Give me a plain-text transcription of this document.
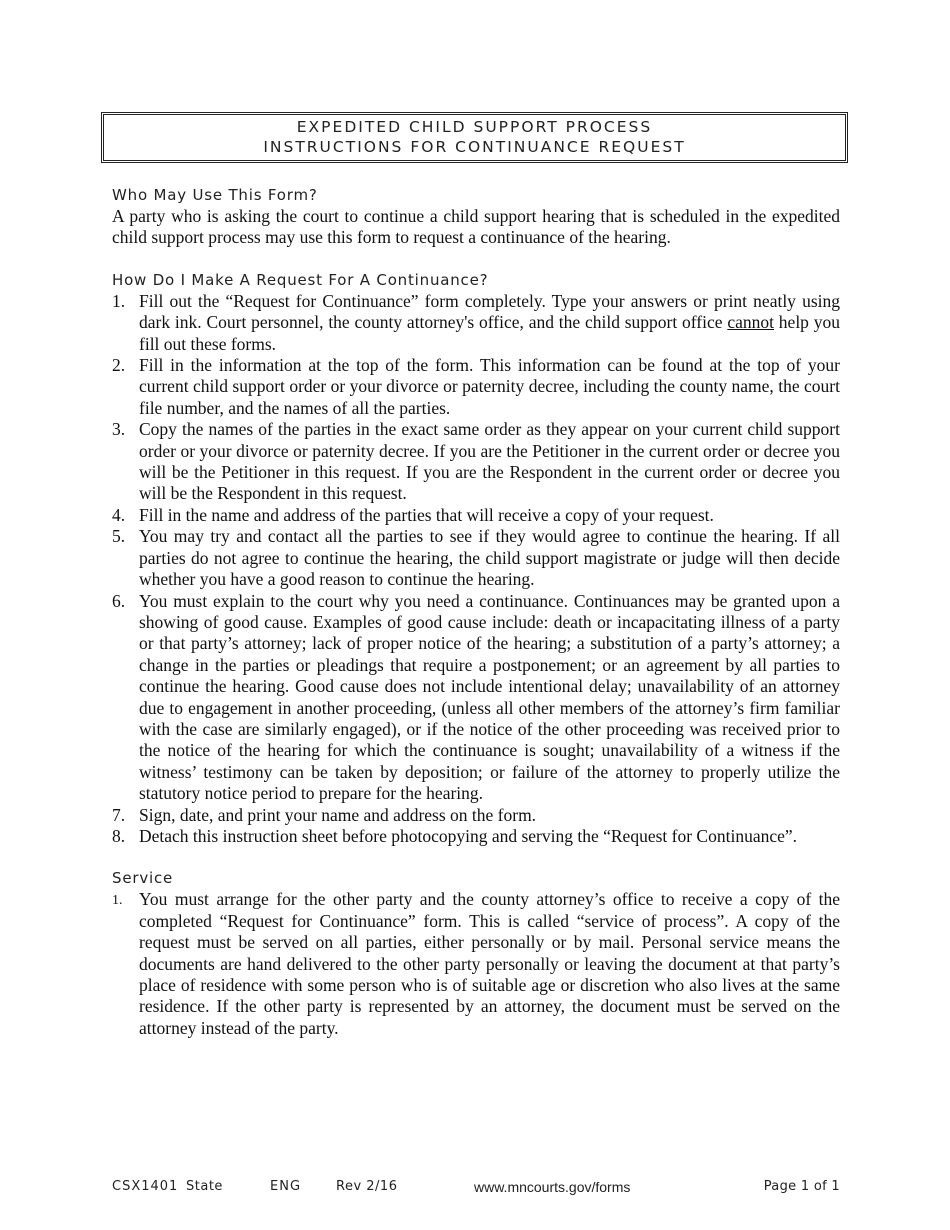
EXPEDITED CHILD SUPPORT PROCESS
INSTRUCTIONS FOR CONTINUANCE REQUEST
Who May Use This Form?
A party who is asking the court to continue a child support hearing that is scheduled in the expedited child support process may use this form to request a continuance of the hearing.
How Do I Make A Request For A Continuance?
1. Fill out the “Request for Continuance” form completely. Type your answers or print neatly using dark ink. Court personnel, the county attorney's office, and the child support office cannot help you fill out these forms.
2. Fill in the information at the top of the form. This information can be found at the top of your current child support order or your divorce or paternity decree, including the county name, the court file number, and the names of all the parties.
3. Copy the names of the parties in the exact same order as they appear on your current child support order or your divorce or paternity decree. If you are the Petitioner in the current order or decree you will be the Petitioner in this request. If you are the Respondent in the current order or decree you will be the Respondent in this request.
4. Fill in the name and address of the parties that will receive a copy of your request.
5. You may try and contact all the parties to see if they would agree to continue the hearing. If all parties do not agree to continue the hearing, the child support magistrate or judge will then decide whether you have a good reason to continue the hearing.
6. You must explain to the court why you need a continuance. Continuances may be granted upon a showing of good cause. Examples of good cause include: death or incapacitating illness of a party or that party’s attorney; lack of proper notice of the hearing; a substitution of a party’s attorney; a change in the parties or pleadings that require a postponement; or an agreement by all parties to continue the hearing. Good cause does not include intentional delay; unavailability of an attorney due to engagement in another proceeding, (unless all other members of the attorney’s firm familiar with the case are similarly engaged), or if the notice of the other proceeding was received prior to the notice of the hearing for which the continuance is sought; unavailability of a witness if the witness’ testimony can be taken by deposition; or failure of the attorney to properly utilize the statutory notice period to prepare for the hearing.
7. Sign, date, and print your name and address on the form.
8. Detach this instruction sheet before photocopying and serving the “Request for Continuance”.
Service
1. You must arrange for the other party and the county attorney’s office to receive a copy of the completed “Request for Continuance” form. This is called “service of process”. A copy of the request must be served on all parties, either personally or by mail. Personal service means the documents are hand delivered to the other party personally or leaving the document at that party’s place of residence with some person who is of suitable age or discretion who also lives at the same residence. If the other party is represented by an attorney, the document must be served on the attorney instead of the party.
CSX1401 State	ENG	Rev 2/16	www.mncourts.gov/forms	Page 1 of 1
